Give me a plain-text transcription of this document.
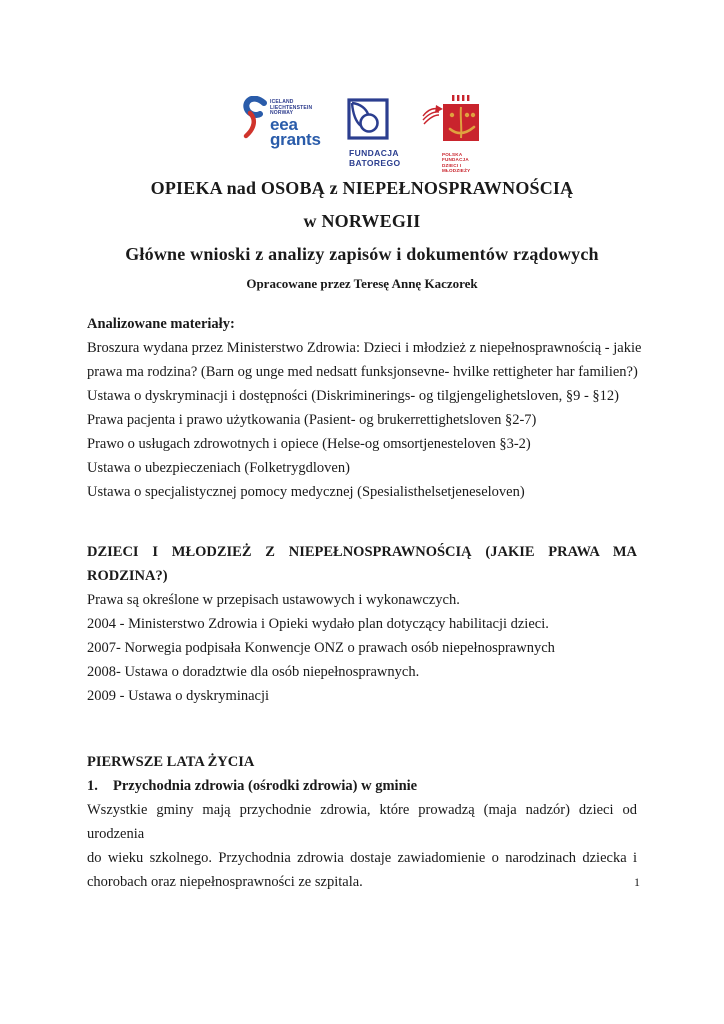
ICELAND
LIECHTENSTEIN
NORWAY
eea
grants
FUNDACJA
BATOREGO
POLSKA FUNDACJA
DZIECI I MŁODZIEŻY
OPIEKA nad OSOBĄ z NIEPEŁNOSPRAWNOŚCIĄ
w NORWEGII
Główne wnioski z analizy zapisów i dokumentów rządowych
Opracowane przez Teresę Annę Kaczorek
Analizowane materiały:
Broszura wydana przez Ministerstwo Zdrowia: Dzieci i młodzież z niepełnosprawnością - jakie
prawa ma rodzina? (Barn og unge med nedsatt funksjonsevne- hvilke rettigheter har familien?)
Ustawa o dyskryminacji i dostępności (Diskriminerings- og tilgjengelighetsloven, §9 - §12)
Prawa pacjenta i prawo użytkowania (Pasient- og brukerrettighetsloven §2-7)
Prawo o usługach zdrowotnych i opiece (Helse-og omsortjenesteloven §3-2)
Ustawa o ubezpieczeniach (Folketrygdloven)
Ustawa o specjalistycznej pomocy medycznej (Spesialisthelsetjeneseloven)
DZIECI I MŁODZIEŻ Z NIEPEŁNOSPRAWNOŚCIĄ (JAKIE PRAWA MA
RODZINA?)
Prawa są określone w przepisach ustawowych i wykonawczych.
2004 - Ministerstwo Zdrowia i Opieki wydało plan dotyczący habilitacji dzieci.
2007- Norwegia podpisała Konwencje ONZ o prawach osób niepełnosprawnych
2008- Ustawa o doradztwie dla osób niepełnosprawnych.
2009 - Ustawa o dyskryminacji
PIERWSZE LATA ŻYCIA
1.	Przychodnia zdrowia (ośrodki zdrowia) w gminie
Wszystkie gminy mają przychodnie zdrowia, które prowadzą (maja nadzór) dzieci od urodzenia
do wieku szkolnego. Przychodnia zdrowia dostaje zawiadomienie o narodzinach dziecka i
chorobach oraz niepełnosprawności ze szpitala.	1
